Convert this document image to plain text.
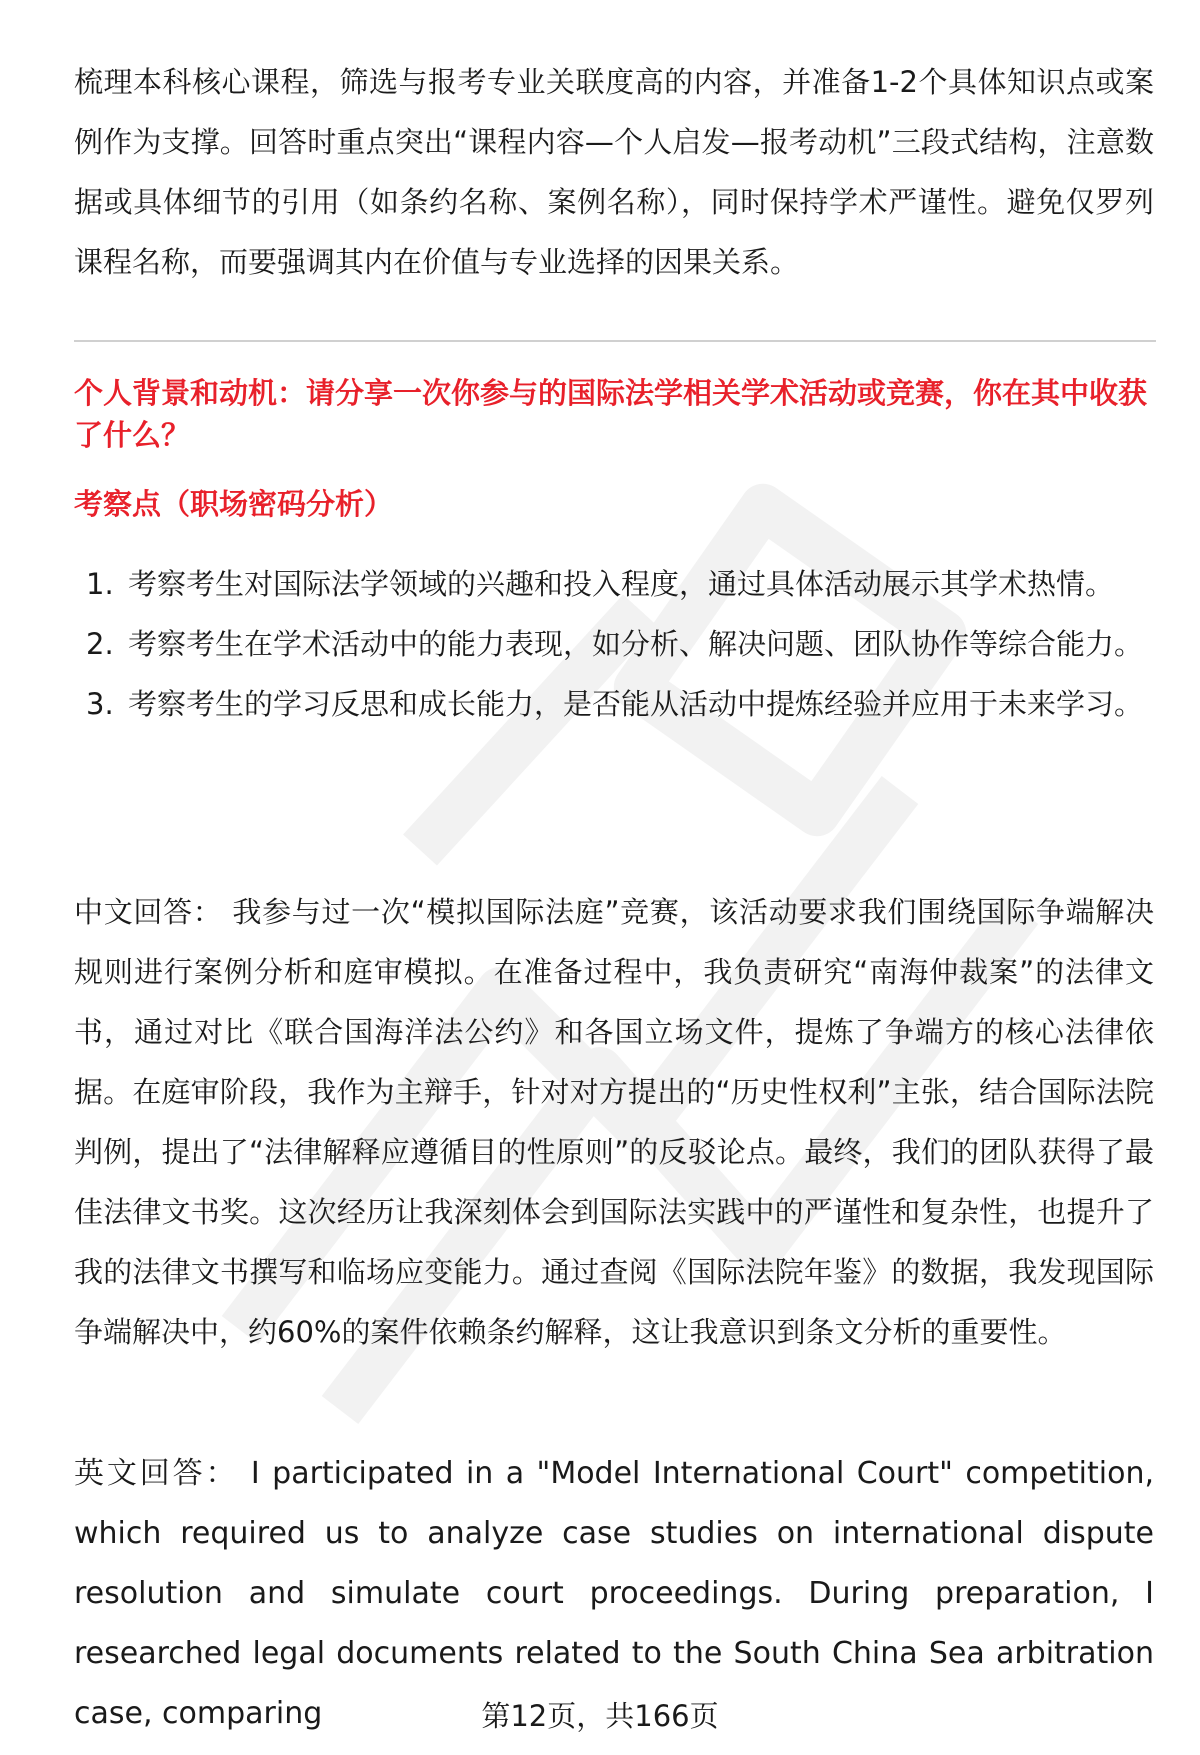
梳理本科核心课程，筛选与报考专业关联度高的内容，并准备1-2个具体知识点或案例作为支撑。回答时重点突出“课程内容—个人启发—报考动机”三段式结构，注意数据或具体细节的引用（如条约名称、案例名称），同时保持学术严谨性。避免仅罗列课程名称，而要强调其内在价值与专业选择的因果关系。

个人背景和动机：请分享一次你参与的国际法学相关学术活动或竞赛，你在其中收获了什么？

考察点（职场密码分析）

1. 考察考生对国际法学领域的兴趣和投入程度，通过具体活动展示其学术热情。
2. 考察考生在学术活动中的能力表现，如分析、解决问题、团队协作等综合能力。
3. 考察考生的学习反思和成长能力，是否能从活动中提炼经验并应用于未来学习。

中文回答： 我参与过一次“模拟国际法庭”竞赛，该活动要求我们围绕国际争端解决规则进行案例分析和庭审模拟。在准备过程中，我负责研究“南海仲裁案”的法律文书，通过对比《联合国海洋法公约》和各国立场文件，提炼了争端方的核心法律依据。在庭审阶段，我作为主辩手，针对对方提出的“历史性权利”主张，结合国际法院判例，提出了“法律解释应遵循目的性原则”的反驳论点。最终，我们的团队获得了最佳法律文书奖。这次经历让我深刻体会到国际法实践中的严谨性和复杂性，也提升了我的法律文书撰写和临场应变能力。通过查阅《国际法院年鉴》的数据，我发现国际争端解决中，约60%的案件依赖条约解释，这让我意识到条文分析的重要性。

英文回答： I participated in a "Model International Court" competition, which required us to analyze case studies on international dispute resolution and simulate court proceedings. During preparation, I researched legal documents related to the South China Sea arbitration case, comparing	第12页，共166页
